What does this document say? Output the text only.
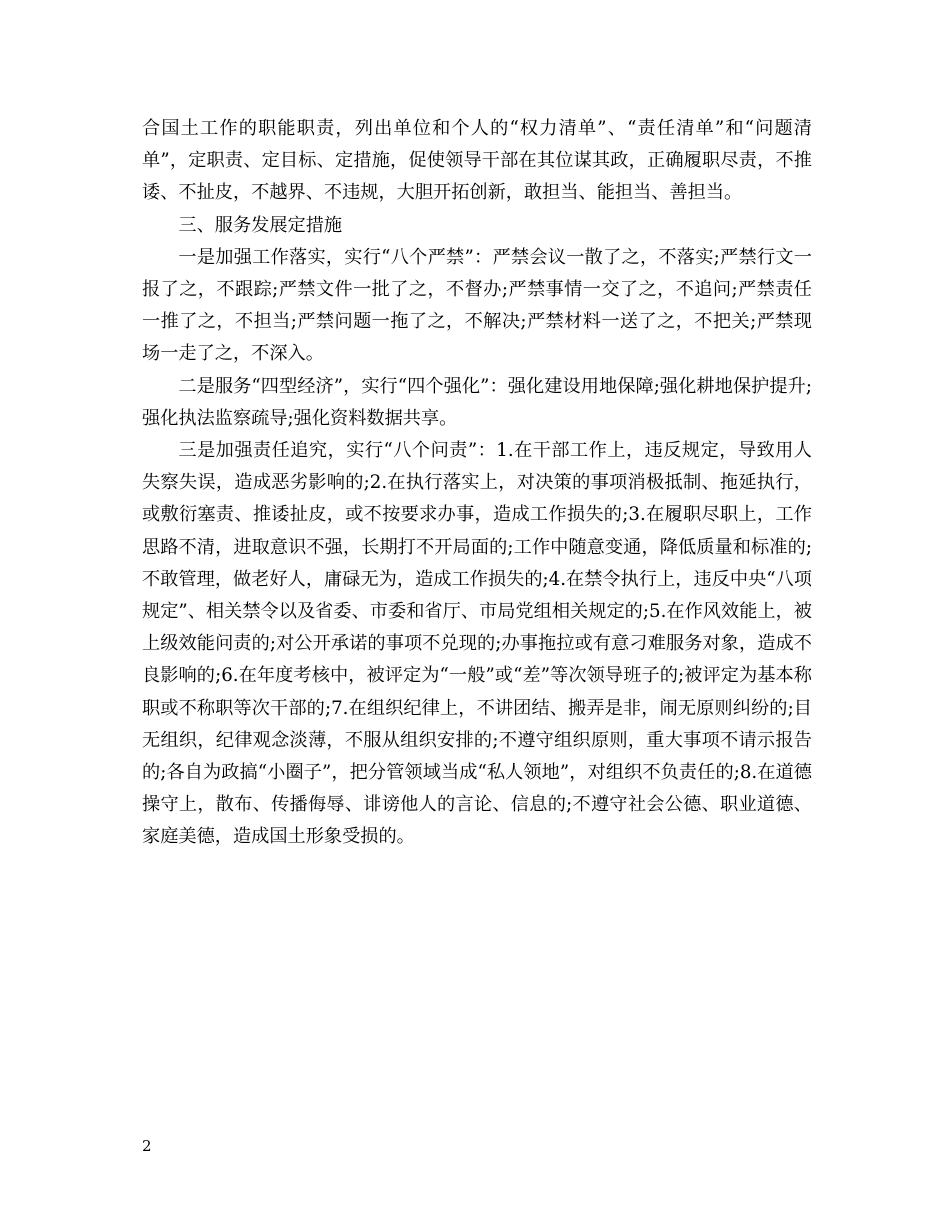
合国土工作的职能职责，列出单位和个人的“权力清单”、“责任清单”和“问题清单”，定职责、定目标、定措施，促使领导干部在其位谋其政，正确履职尽责，不推诿、不扯皮，不越界、不违规，大胆开拓创新，敢担当、能担当、善担当。

三、服务发展定措施

一是加强工作落实，实行“八个严禁”：严禁会议一散了之，不落实;严禁行文一报了之，不跟踪;严禁文件一批了之，不督办;严禁事情一交了之，不追问;严禁责任一推了之，不担当;严禁问题一拖了之，不解决;严禁材料一送了之，不把关;严禁现场一走了之，不深入。

二是服务“四型经济”，实行“四个强化”：强化建设用地保障;强化耕地保护提升;强化执法监察疏导;强化资料数据共享。

三是加强责任追究，实行“八个问责”：1.在干部工作上，违反规定，导致用人失察失误，造成恶劣影响的;2.在执行落实上，对决策的事项消极抵制、拖延执行，或敷衍塞责、推诿扯皮，或不按要求办事，造成工作损失的;3.在履职尽职上，工作思路不清，进取意识不强，长期打不开局面的;工作中随意变通，降低质量和标准的;不敢管理，做老好人，庸碌无为，造成工作损失的;4.在禁令执行上，违反中央“八项规定”、相关禁令以及省委、市委和省厅、市局党组相关规定的;5.在作风效能上，被上级效能问责的;对公开承诺的事项不兑现的;办事拖拉或有意刁难服务对象，造成不良影响的;6.在年度考核中，被评定为“一般”或“差”等次领导班子的;被评定为基本称职或不称职等次干部的;7.在组织纪律上，不讲团结、搬弄是非，闹无原则纠纷的;目无组织，纪律观念淡薄，不服从组织安排的;不遵守组织原则，重大事项不请示报告的;各自为政搞“小圈子”，把分管领域当成“私人领地”，对组织不负责任的;8.在道德操守上，散布、传播侮辱、诽谤他人的言论、信息的;不遵守社会公德、职业道德、家庭美德，造成国土形象受损的。

2
